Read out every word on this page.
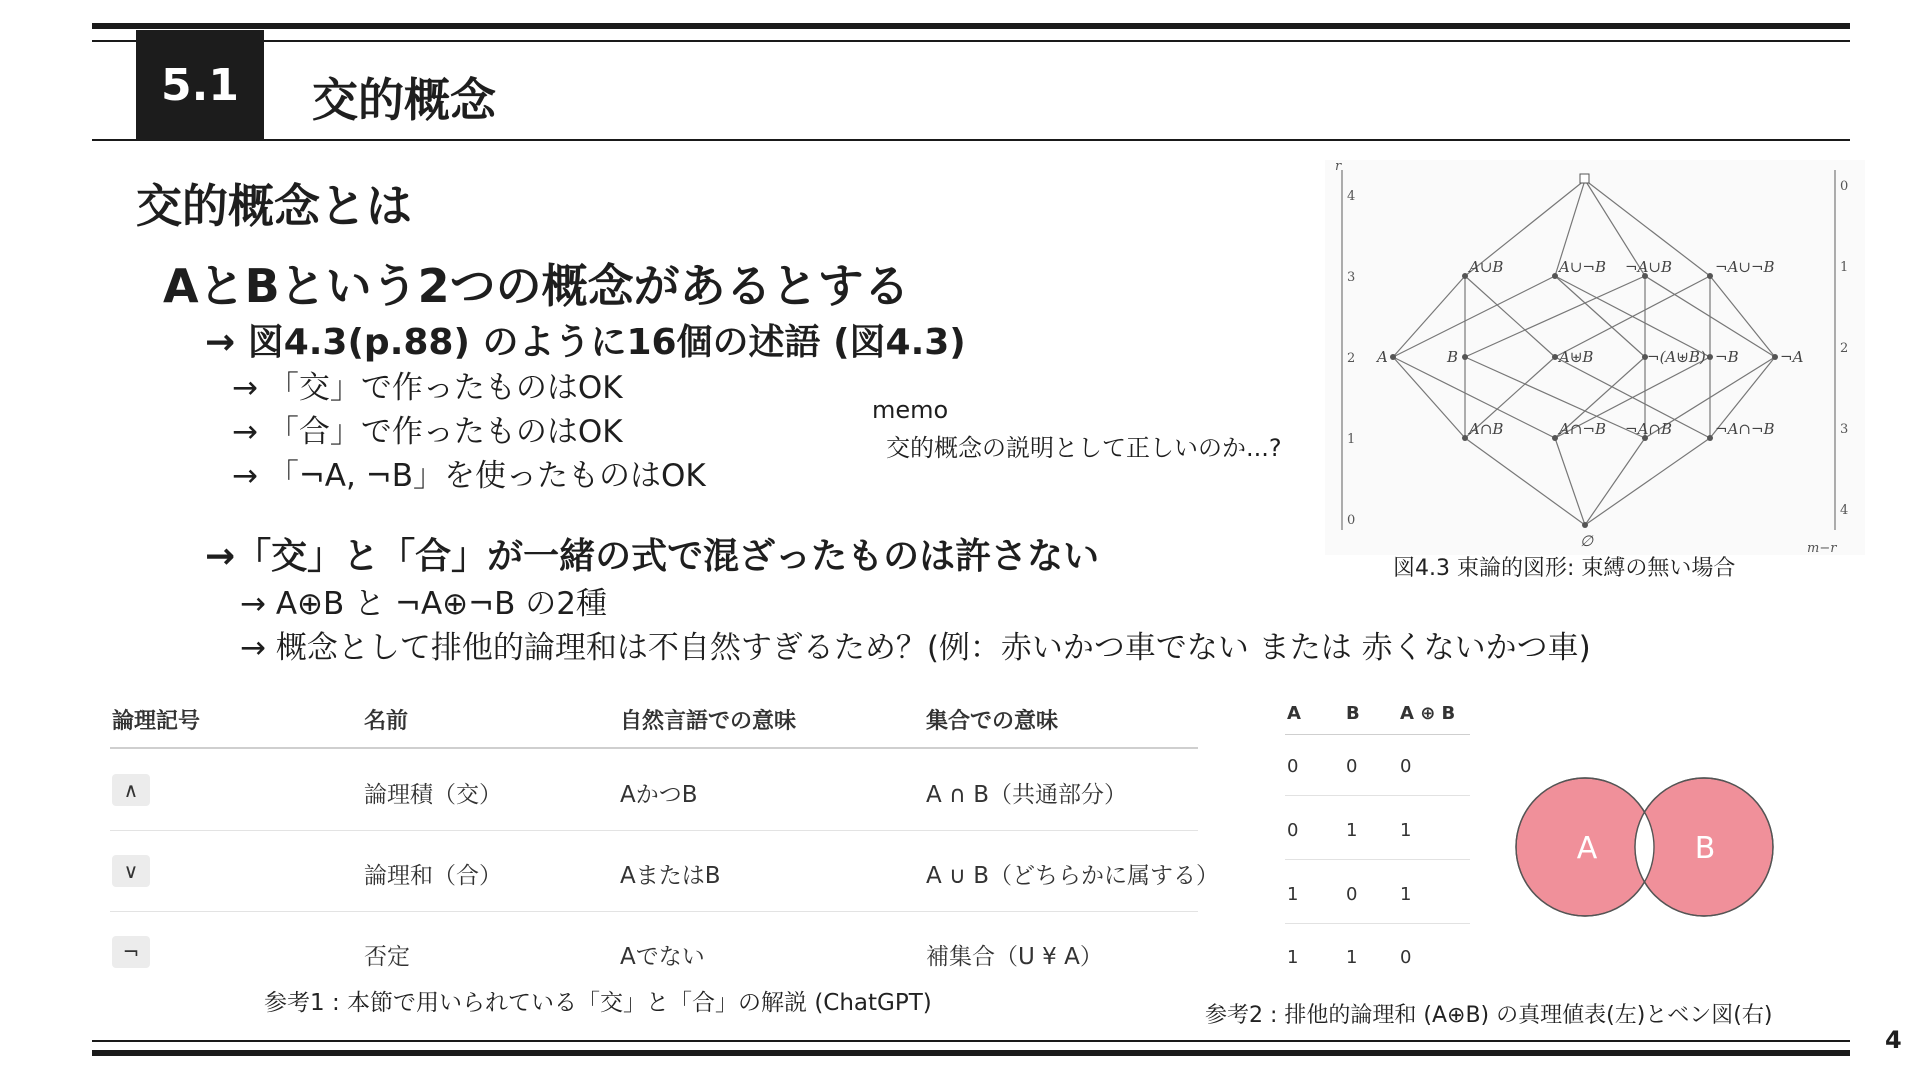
5.1	交的概念
交的概念とは
AとBという2つの概念があるとする
→ 図4.3(p.88) のように16個の述語 (図4.3)
→ 「交」で作ったものはOK
→ 「合」で作ったものはOK
→ 「¬A, ¬B」を使ったものはOK
→「交」と「合」が一緒の式で混ざったものは許さない
→ A⊕B と ¬A⊕¬B の2種
→ 概念として排他的論理和は不自然すぎるため？(例：赤いかつ車でない または 赤くないかつ車)
memo
交的概念の説明として正しいのか...?
A∪B	A∪¬B ¬A∪B	¬A∪¬B
A	B	A⊎B	¬(A⊎B) ¬B	¬A
A∩B	A∩¬B ¬A∩B	¬A∩¬B
∅
r
4
3
2
1
0
0
1
2
3
4
m−r
図4.3 束論的図形: 束縛の無い場合
論理記号	名前	自然言語での意味	集合での意味
∧	論理積（交）	AかつB	A ∩ B（共通部分）
∨	論理和（合）	AまたはB	A ∪ B（どちらかに属する）
¬	否定	Aでない	補集合（U ¥ A）
参考1 : 本節で用いられている「交」と「合」の解説 (ChatGPT)
A	B A ⊕ B
0	0 0
0	1 1
1	0 1
1	1 0
A	B
参考2 : 排他的論理和 (A⊕B) の真理値表(左)とベン図(右)
4
